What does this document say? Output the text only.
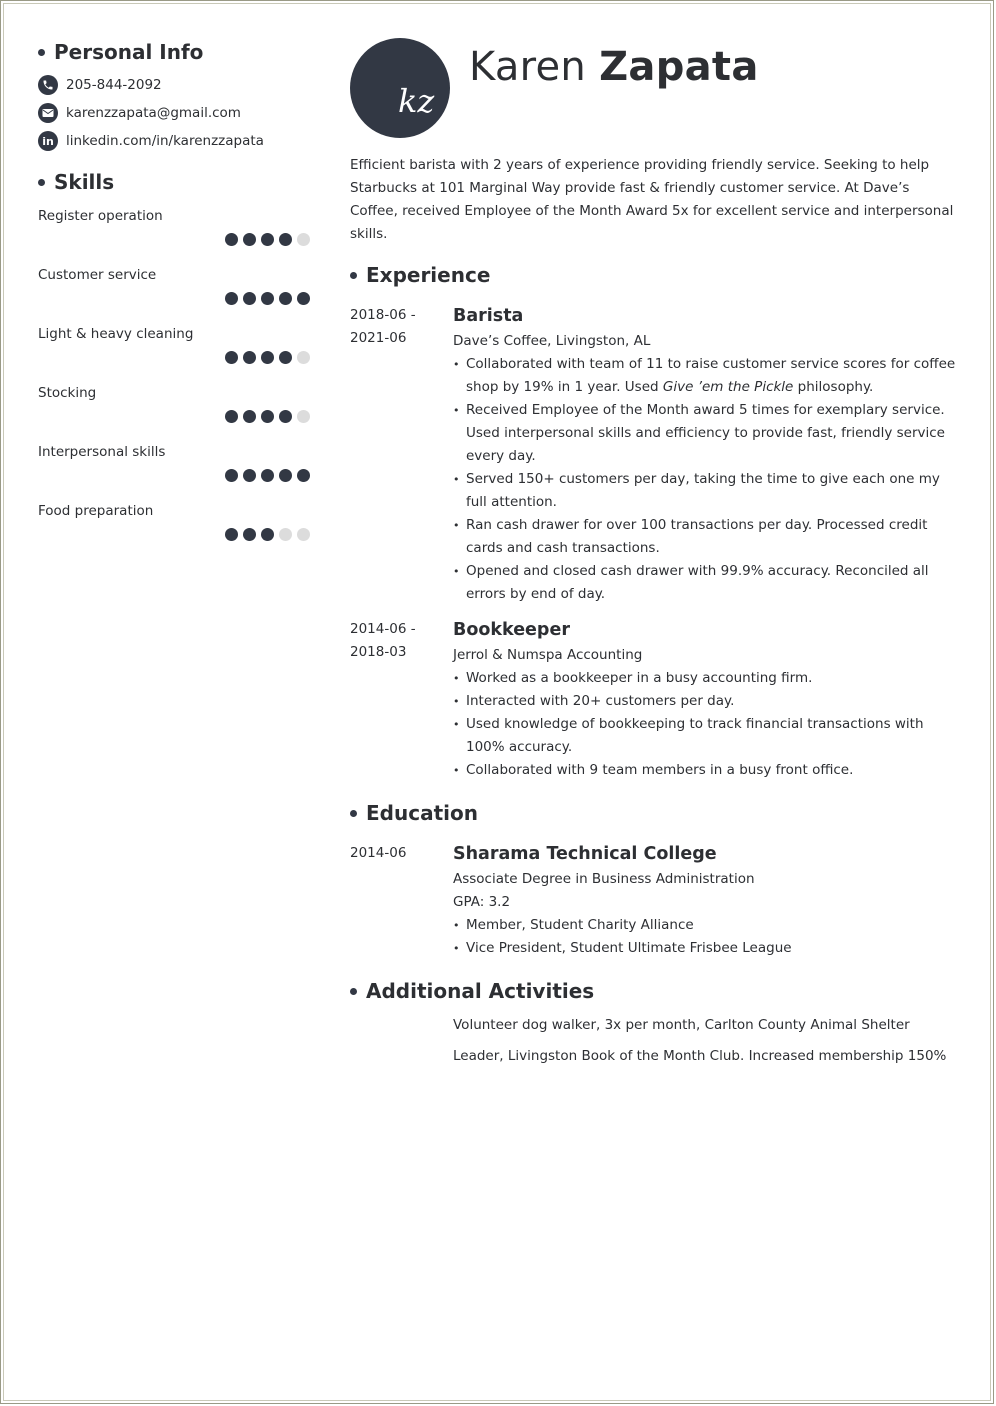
Personal Info
205-844-2092
karenzzapata@gmail.com
in linkedin.com/in/karenzzapata
Skills
Register operation
Customer service
Light & heavy cleaning
Stocking
Interpersonal skills
Food preparation
kz
Karen Zapata
Efficient barista with 2 years of experience providing friendly service. Seeking to help Starbucks at 101 Marginal Way provide fast & friendly customer service. At Dave’s Coffee, received Employee of the Month Award 5x for excellent service and interpersonal skills.
Experience
2018-06 -
2021-06
Barista
Dave’s Coffee, Livingston, AL
• Collaborated with team of 11 to raise customer service scores for coffee shop by 19% in 1 year. Used Give ’em the Pickle philosophy.
• Received Employee of the Month award 5 times for exemplary service. Used interpersonal skills and efficiency to provide fast, friendly service every day.
• Served 150+ customers per day, taking the time to give each one my full attention.
• Ran cash drawer for over 100 transactions per day. Processed credit cards and cash transactions.
• Opened and closed cash drawer with 99.9% accuracy. Reconciled all errors by end of day.
2014-06 -
2018-03
Bookkeeper
Jerrol & Numspa Accounting
• Worked as a bookkeeper in a busy accounting firm.
• Interacted with 20+ customers per day.
• Used knowledge of bookkeeping to track financial transactions with 100% accuracy.
• Collaborated with 9 team members in a busy front office.
Education
2014-06	Sharama Technical College
Associate Degree in Business Administration
GPA: 3.2
• Member, Student Charity Alliance
• Vice President, Student Ultimate Frisbee League
Additional Activities
Volunteer dog walker, 3x per month, Carlton County Animal Shelter
Leader, Livingston Book of the Month Club. Increased membership 150%
